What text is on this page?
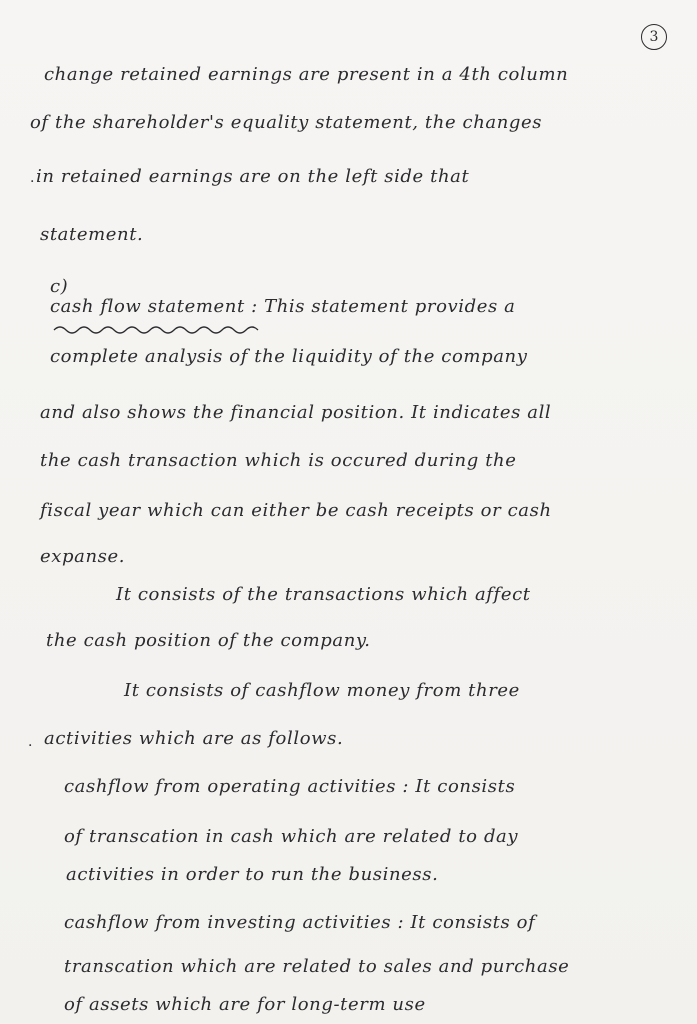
3
change retained earnings are present in a 4th column
of the shareholder's equality statement, the changes
in retained earnings are on the left side that
·
statement.
c)
cash flow statement : This statement provides a
complete analysis of the liquidity of the company
and also shows the financial position. It indicates all
the cash transaction which is occured during the
fiscal year which can either be cash receipts or cash
expanse.
It consists of the transactions which affect
the cash position of the company.
It consists of cashflow money from three
activities which are as follows.
·
cashflow from operating activities : It consists
of transcation in cash which are related to day
activities in order to run the business.
cashflow from investing activities : It consists of
transcation which are related to sales and purchase
of assets which are for long-term use
